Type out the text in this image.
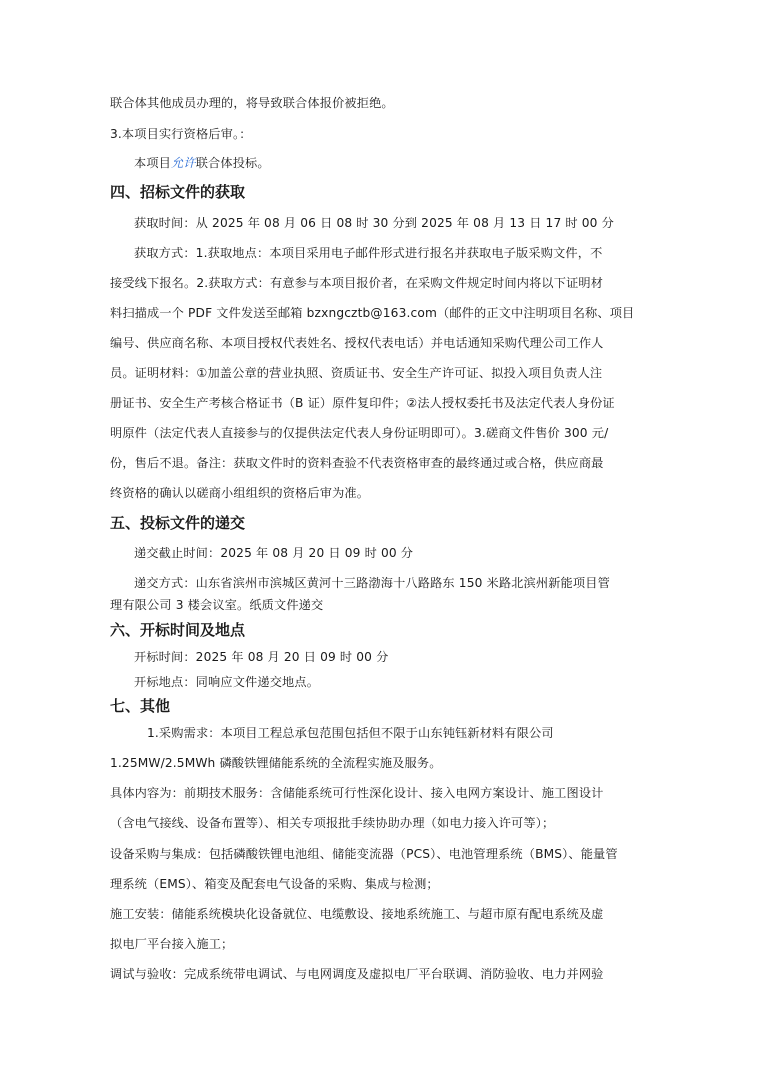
联合体其他成员办理的，将导致联合体报价被拒绝。
3.本项目实行资格后审。：
本项目允许联合体投标。
四、招标文件的获取
获取时间：从 2025 年 08 月 06 日 08 时 30 分到 2025 年 08 月 13 日 17 时 00 分
获取方式：1.获取地点：本项目采用电子邮件形式进行报名并获取电子版采购文件，不
接受线下报名。2.获取方式：有意参与本项目报价者，在采购文件规定时间内将以下证明材
料扫描成一个 PDF 文件发送至邮箱 bzxngcztb@163.com（邮件的正文中注明项目名称、项目
编号、供应商名称、本项目授权代表姓名、授权代表电话）并电话通知采购代理公司工作人
员。证明材料：①加盖公章的营业执照、资质证书、安全生产许可证、拟投入项目负责人注
册证书、安全生产考核合格证书（B 证）原件复印件；②法人授权委托书及法定代表人身份证
明原件（法定代表人直接参与的仅提供法定代表人身份证明即可）。3.磋商文件售价 300 元/
份，售后不退。备注：获取文件时的资料查验不代表资格审查的最终通过或合格，供应商最
终资格的确认以磋商小组组织的资格后审为准。
五、投标文件的递交
递交截止时间：2025 年 08 月 20 日 09 时 00 分
递交方式：山东省滨州市滨城区黄河十三路渤海十八路路东 150 米路北滨州新能项目管
理有限公司 3 楼会议室。纸质文件递交
六、开标时间及地点
开标时间：2025 年 08 月 20 日 09 时 00 分
开标地点：同响应文件递交地点。
七、其他
1.采购需求：本项目工程总承包范围包括但不限于山东钝钰新材料有限公司
1.25MW/2.5MWh 磷酸铁锂储能系统的全流程实施及服务。
具体内容为：前期技术服务：含储能系统可行性深化设计、接入电网方案设计、施工图设计
（含电气接线、设备布置等）、相关专项报批手续协助办理（如电力接入许可等）；
设备采购与集成：包括磷酸铁锂电池组、储能变流器（PCS）、电池管理系统（BMS）、能量管
理系统（EMS）、箱变及配套电气设备的采购、集成与检测；
施工安装：储能系统模块化设备就位、电缆敷设、接地系统施工、与超市原有配电系统及虚
拟电厂平台接入施工；
调试与验收：完成系统带电调试、与电网调度及虚拟电厂平台联调、消防验收、电力并网验
